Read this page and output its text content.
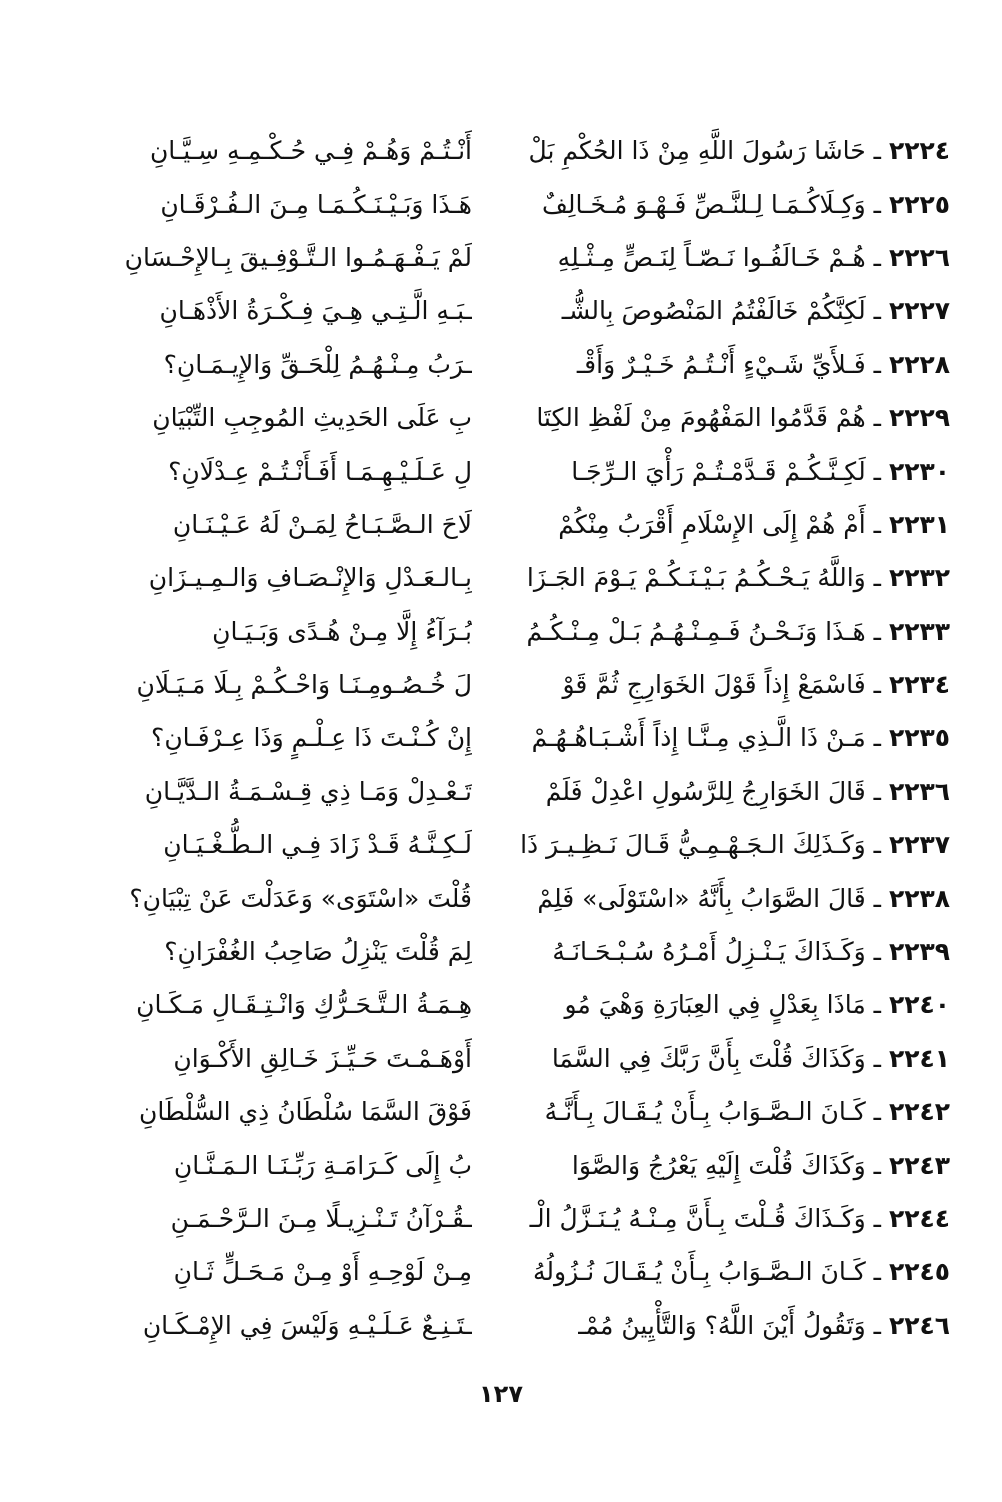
٢٢٢٤ ـ حَاشَا رَسُولَ اللَّهِ مِنْ ذَا الحُكْمِ بَلْ
أَنْـتُـمْ وَهُـمْ فِـي حُـكْـمِـهِ سِـيَّـانِ
٢٢٢٥ ـ وَكِـلَاكُـمَـا لِـلنَّـصِّ فَـهْـوَ مُـخَـالِفٌ
هَـذَا وَبَـيْـنَـكُـمَـا مِـنَ الـفُـرْقَـانِ
٢٢٢٦ ـ هُـمْ خَـالَفُـوا نَـصّـاً لِنَـصٍّ مِـثْـلِهِ
لَمْ يَـفْـهَـمُـوا الـتَّـوْفِـيقَ بِـالإِحْـسَانِ
٢٢٢٧ ـ لَكِنَّكُمْ خَالَفْتُمُ المَنْصُوصَ بِالشُّـ
ـبَـهِ الَّـتِـي هِـيَ فِـكْـرَةُ الأَذْهَـانِ
٢٢٢٨ ـ فَـلأَيِّ شَـيْءٍ أَنْـتُـمُ خَـيْـرٌ وَأَقْـ
ـرَبُ مِـنْـهُـمُ لِلْحَـقِّ وَالإِيـمَـانِ؟
٢٢٢٩ ـ هُمْ قَدَّمُوا المَفْهُومَ مِنْ لَفْظِ الكِتَا
بِ عَلَى الحَدِيثِ المُوجِبِ التِّبْيَانِ
٢٢٣٠ ـ لَكِـنَّـكُـمْ قَـدَّمْـتُـمْ رَأْيَ الـرِّجَـا
لِ عَـلَـيْـهِـمَـا أَفَـأَنْـتُـمْ عِـدْلَانِ؟
٢٢٣١ ـ أَمْ هُمْ إِلَى الإِسْلَامِ أَقْرَبُ مِنْكُمْ
لَاحَ الـصَّـبَـاحُ لِمَـنْ لَهُ عَـيْـنَـانِ
٢٢٣٢ ـ وَاللَّهُ يَـحْـكُـمُ بَـيْـنَـكُـمْ يَـوْمَ الجَـزَا
بِـالـعَـدْلِ وَالإِنْـصَـافِ وَالـمِـيـزَانِ
٢٢٣٣ ـ هَـذَا وَنَـحْـنُ فَـمِـنْـهُـمُ بَـلْ مِـنْـكُـمُ
بُـرَآءُ إِلَّا مِـنْ هُـدًى وَبَـيَـانِ
٢٢٣٤ ـ فَاسْمَعْ إِذاً قَوْلَ الخَوَارِجِ ثُمَّ قَوْ
لَ خُـصُـومِـنَـا وَاحْـكُـمْ بِـلَا مَـيَـلَانِ
٢٢٣٥ ـ مَـنْ ذَا الَّـذِي مِـنَّـا إِذاً أَشْـبَـاهُـهُـمْ
إِنْ كُـنْـتَ ذَا عِـلْـمٍ وَذَا عِـرْفَـانِ؟
٢٢٣٦ ـ قَالَ الخَوَارِجُ لِلرَّسُولِ اعْدِلْ فَلَمْ
تَـعْـدِلْ وَمَـا ذِي قِـسْـمَـةُ الـدَّيَّـانِ
٢٢٣٧ ـ وَكَـذَلِكَ الـجَـهْـمِـيُّ قَـالَ نَـظِـيـرَ ذَا
لَـكِـنَّـهُ قَـدْ زَادَ فِـي الـطُّـغْـيَـانِ
٢٢٣٨ ـ قَالَ الصَّوَابُ بِأَنَّهُ «اسْتَوْلَى» فَلِمْ
قُلْتَ «اسْتَوَى» وَعَدَلْتَ عَنْ تِبْيَانِ؟
٢٢٣٩ ـ وَكَـذَاكَ يَـنْـزِلُ أَمْـرُهُ سُـبْـحَـانَـهُ
لِمَ قُلْتَ يَنْزِلُ صَاحِبُ الغُفْرَانِ؟
٢٢٤٠ ـ مَاذَا بِعَدْلٍ فِي العِبَارَةِ وَهْيَ مُو
هِـمَـةُ الـتَّـحَـرُّكِ وَانْـتِـقَـالِ مَـكَـانِ
٢٢٤١ ـ وَكَذَاكَ قُلْتَ بِأَنَّ رَبَّكَ فِي السَّمَا
أَوْهَـمْـتَ حَـيِّـزَ خَـالِقِ الأَكْـوَانِ
٢٢٤٢ ـ كَـانَ الـصَّـوَابُ بِـأَنْ يُـقَـالَ بِـأَنَّـهُ
فَوْقَ السَّمَا سُلْطَانُ ذِي السُّلْطَانِ
٢٢٤٣ ـ وَكَذَاكَ قُلْتَ إِلَيْهِ يَعْرُجُ وَالصَّوَا
بُ إِلَى كَـرَامَـةِ رَبِّـنَـا الـمَـنَّـانِ
٢٢٤٤ ـ وَكَـذَاكَ قُـلْتَ بِـأَنَّ مِـنْـهُ يُـنَـزَّلُ الْـ
ـقُـرْآنُ تَـنْـزِيـلًا مِـنَ الـرَّحْـمَـنِ
٢٢٤٥ ـ كَـانَ الـصَّـوَابُ بِـأَنْ يُـقَـالَ نُـزُولُهُ
مِـنْ لَوْحِـهِ أَوْ مِـنْ مَـحَـلٍّ ثَـانِ
٢٢٤٦ ـ وَتَقُولُ أَيْنَ اللَّهُ؟ وَالتَّأْيِينُ مُمْـ
ـتَـنِـعٌ عَـلَـيْـهِ وَلَيْسَ فِي الإِمْـكَـانِ
١٢٧
